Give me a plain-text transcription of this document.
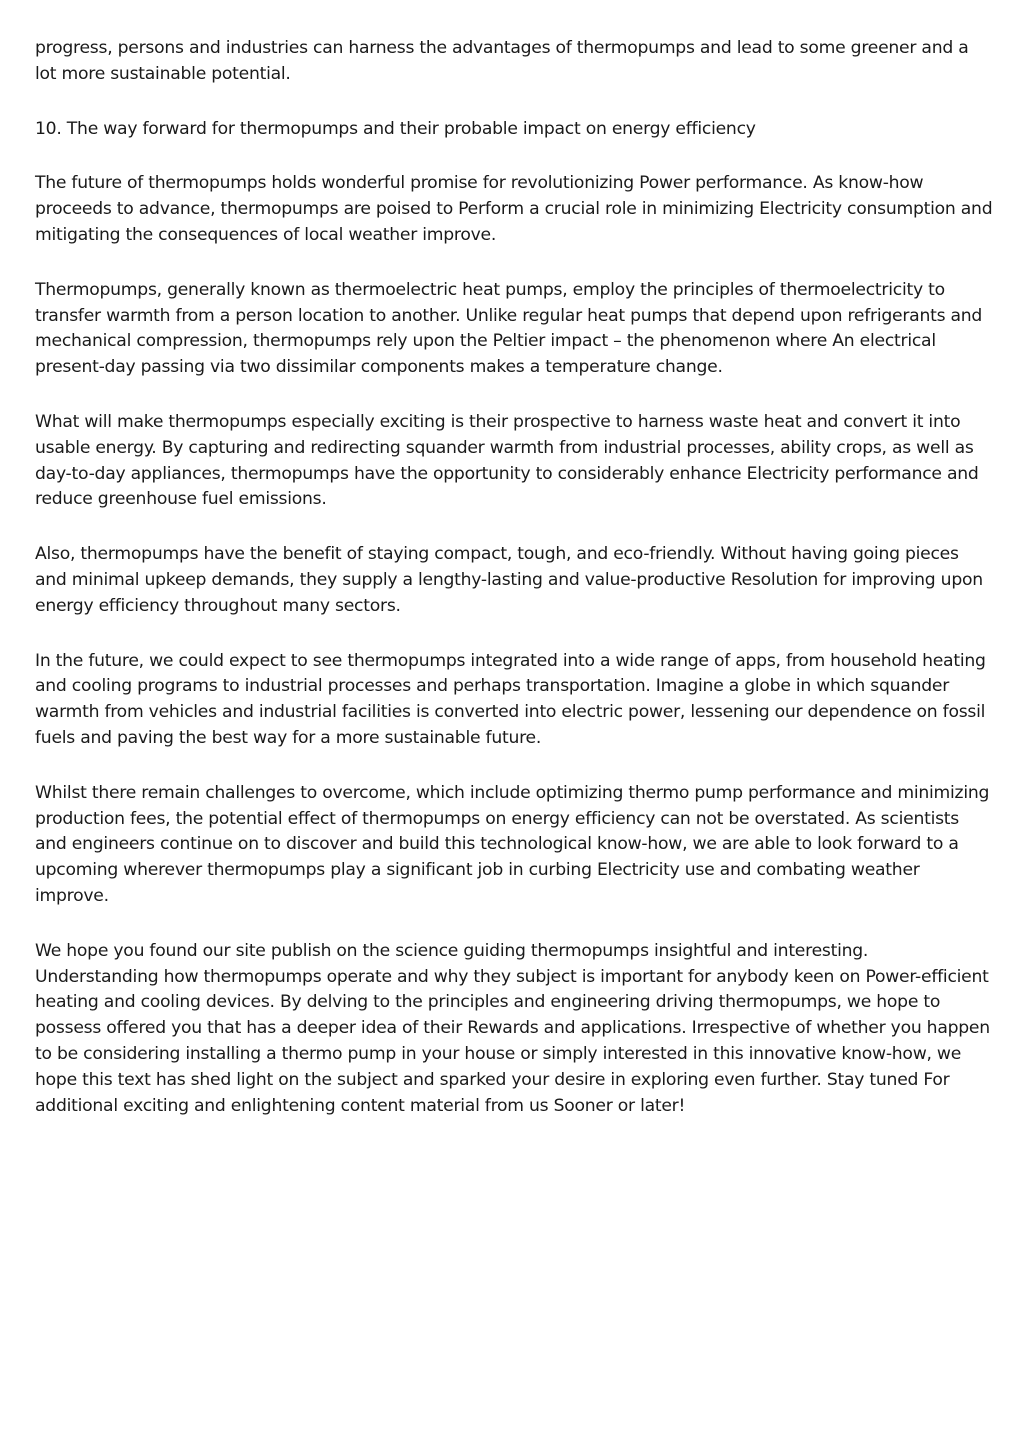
progress, persons and industries can harness the advantages of thermopumps and lead to some greener and a lot more sustainable potential.

10. The way forward for thermopumps and their probable impact on energy efficiency

The future of thermopumps holds wonderful promise for revolutionizing Power performance. As know-how proceeds to advance, thermopumps are poised to Perform a crucial role in minimizing Electricity consumption and mitigating the consequences of local weather improve.

Thermopumps, generally known as thermoelectric heat pumps, employ the principles of thermoelectricity to transfer warmth from a person location to another. Unlike regular heat pumps that depend upon refrigerants and mechanical compression, thermopumps rely upon the Peltier impact – the phenomenon where An electrical present-day passing via two dissimilar components makes a temperature change.

What will make thermopumps especially exciting is their prospective to harness waste heat and convert it into usable energy. By capturing and redirecting squander warmth from industrial processes, ability crops, as well as day-to-day appliances, thermopumps have the opportunity to considerably enhance Electricity performance and reduce greenhouse fuel emissions.

Also, thermopumps have the benefit of staying compact, tough, and eco-friendly. Without having going pieces and minimal upkeep demands, they supply a lengthy-lasting and value-productive Resolution for improving upon energy efficiency throughout many sectors.

In the future, we could expect to see thermopumps integrated into a wide range of apps, from household heating and cooling programs to industrial processes and perhaps transportation. Imagine a globe in which squander warmth from vehicles and industrial facilities is converted into electric power, lessening our dependence on fossil fuels and paving the best way for a more sustainable future.

Whilst there remain challenges to overcome, which include optimizing thermo pump performance and minimizing production fees, the potential effect of thermopumps on energy efficiency can not be overstated. As scientists and engineers continue on to discover and build this technological know-how, we are able to look forward to a upcoming wherever thermopumps play a significant job in curbing Electricity use and combating weather improve.

We hope you found our site publish on the science guiding thermopumps insightful and interesting. Understanding how thermopumps operate and why they subject is important for anybody keen on Power-efficient heating and cooling devices. By delving to the principles and engineering driving thermopumps, we hope to possess offered you that has a deeper idea of their Rewards and applications. Irrespective of whether you happen to be considering installing a thermo pump in your house or simply interested in this innovative know-how, we hope this text has shed light on the subject and sparked your desire in exploring even further. Stay tuned For additional exciting and enlightening content material from us Sooner or later!
